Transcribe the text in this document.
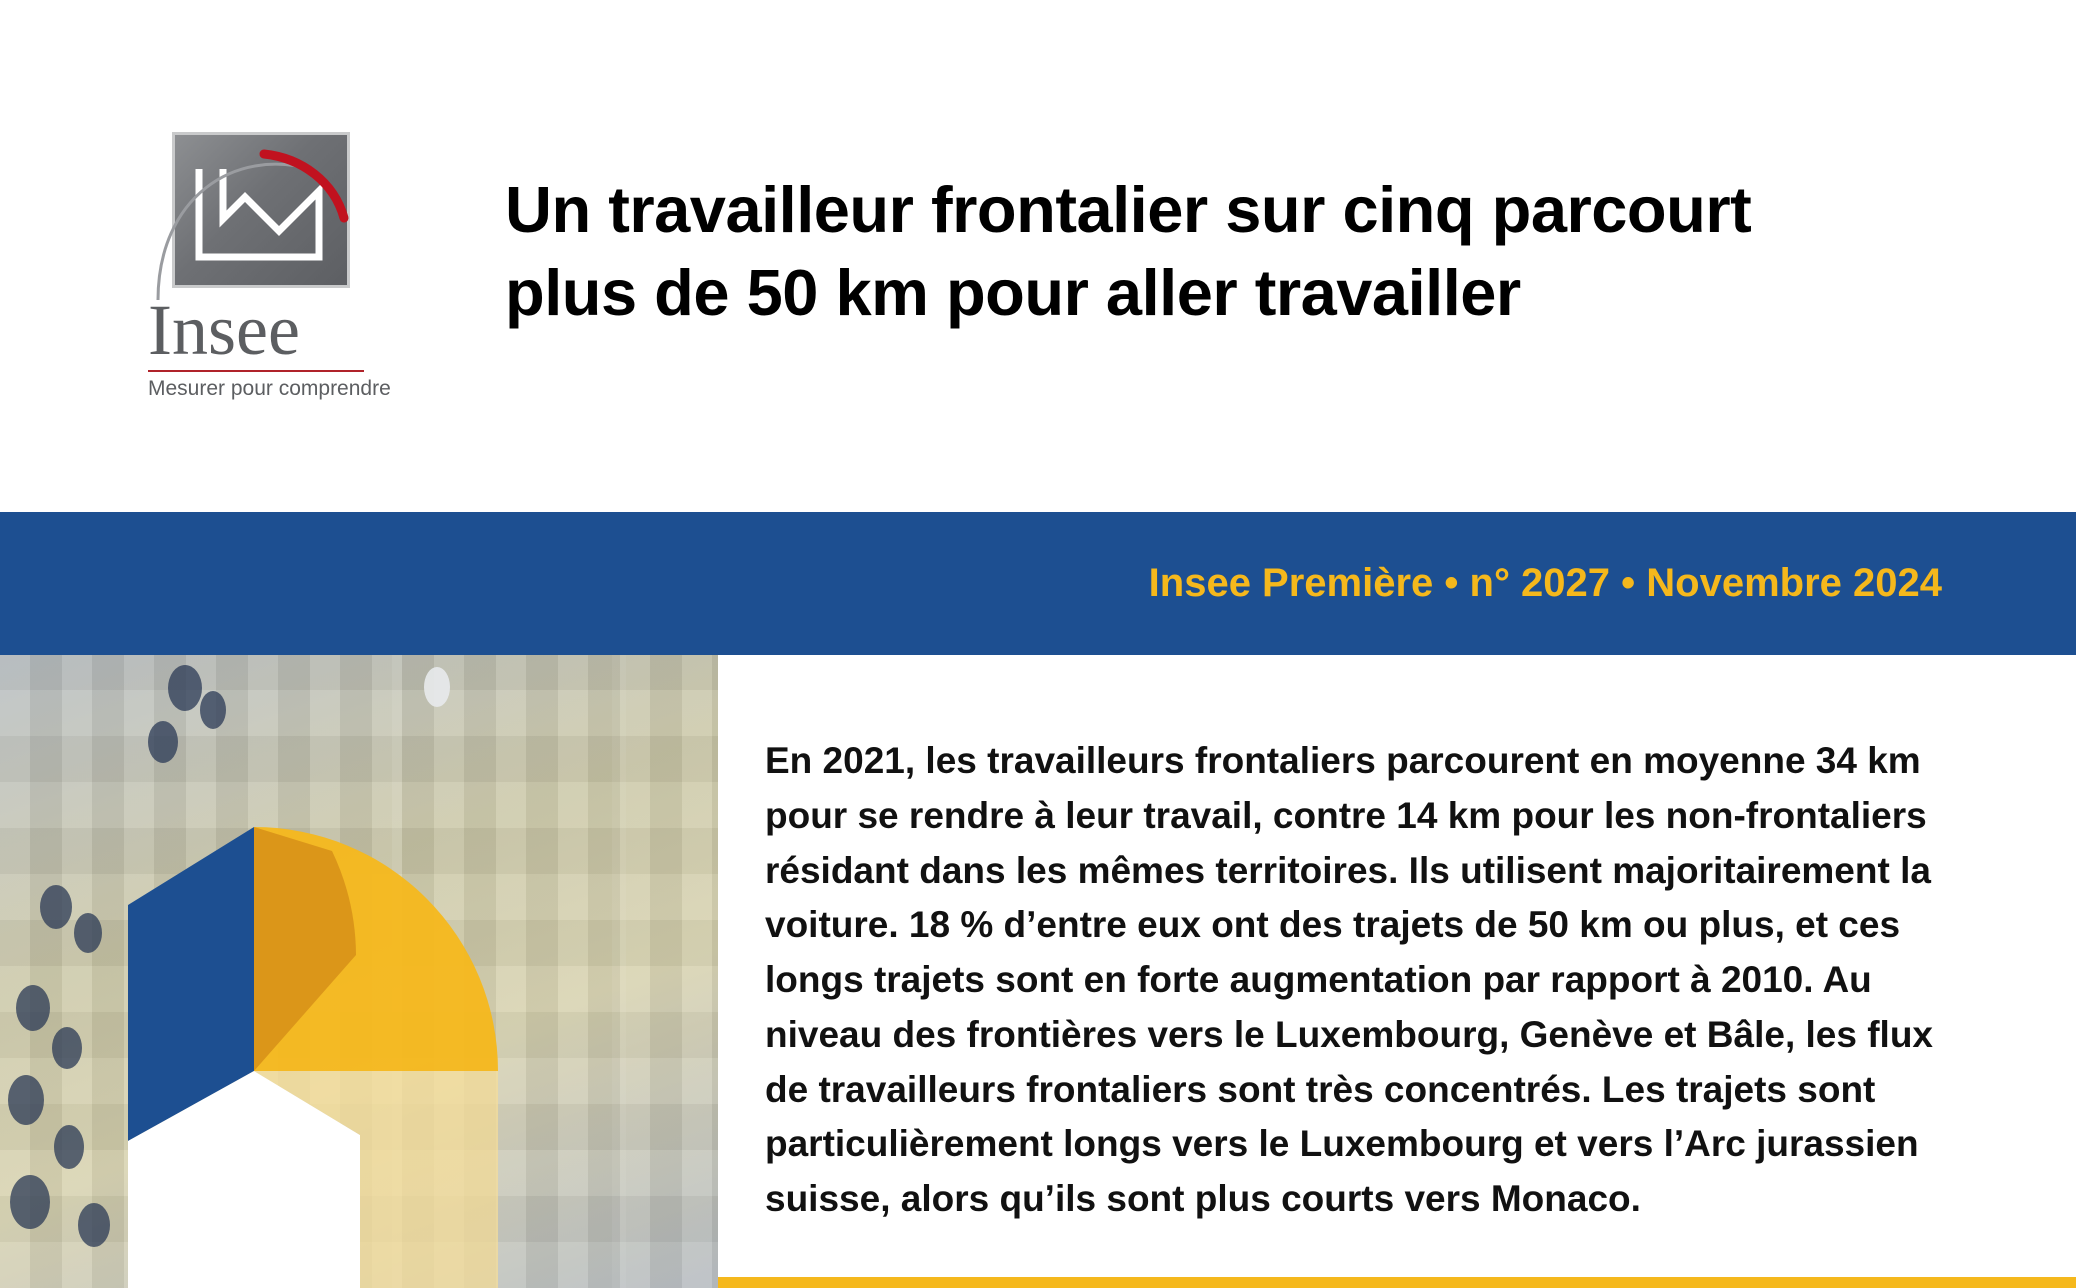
Insee
Mesurer pour comprendre
Un travailleur frontalier sur cinq parcourt plus de 50 km pour aller travailler
Insee Première • n° 2027 • Novembre 2024

En 2021, les travailleurs frontaliers parcourent en moyenne 34 km pour se rendre à leur travail, contre 14 km pour les non-frontaliers résidant dans les mêmes territoires. Ils utilisent majoritairement la voiture. 18 % d’entre eux ont des trajets de 50 km ou plus, et ces longs trajets sont en forte augmentation par rapport à 2010. Au niveau des frontières vers le Luxembourg, Genève et Bâle, les flux de travailleurs frontaliers sont très concentrés. Les trajets sont particulièrement longs vers le Luxembourg et vers l’Arc jurassien suisse, alors qu’ils sont plus courts vers Monaco.
